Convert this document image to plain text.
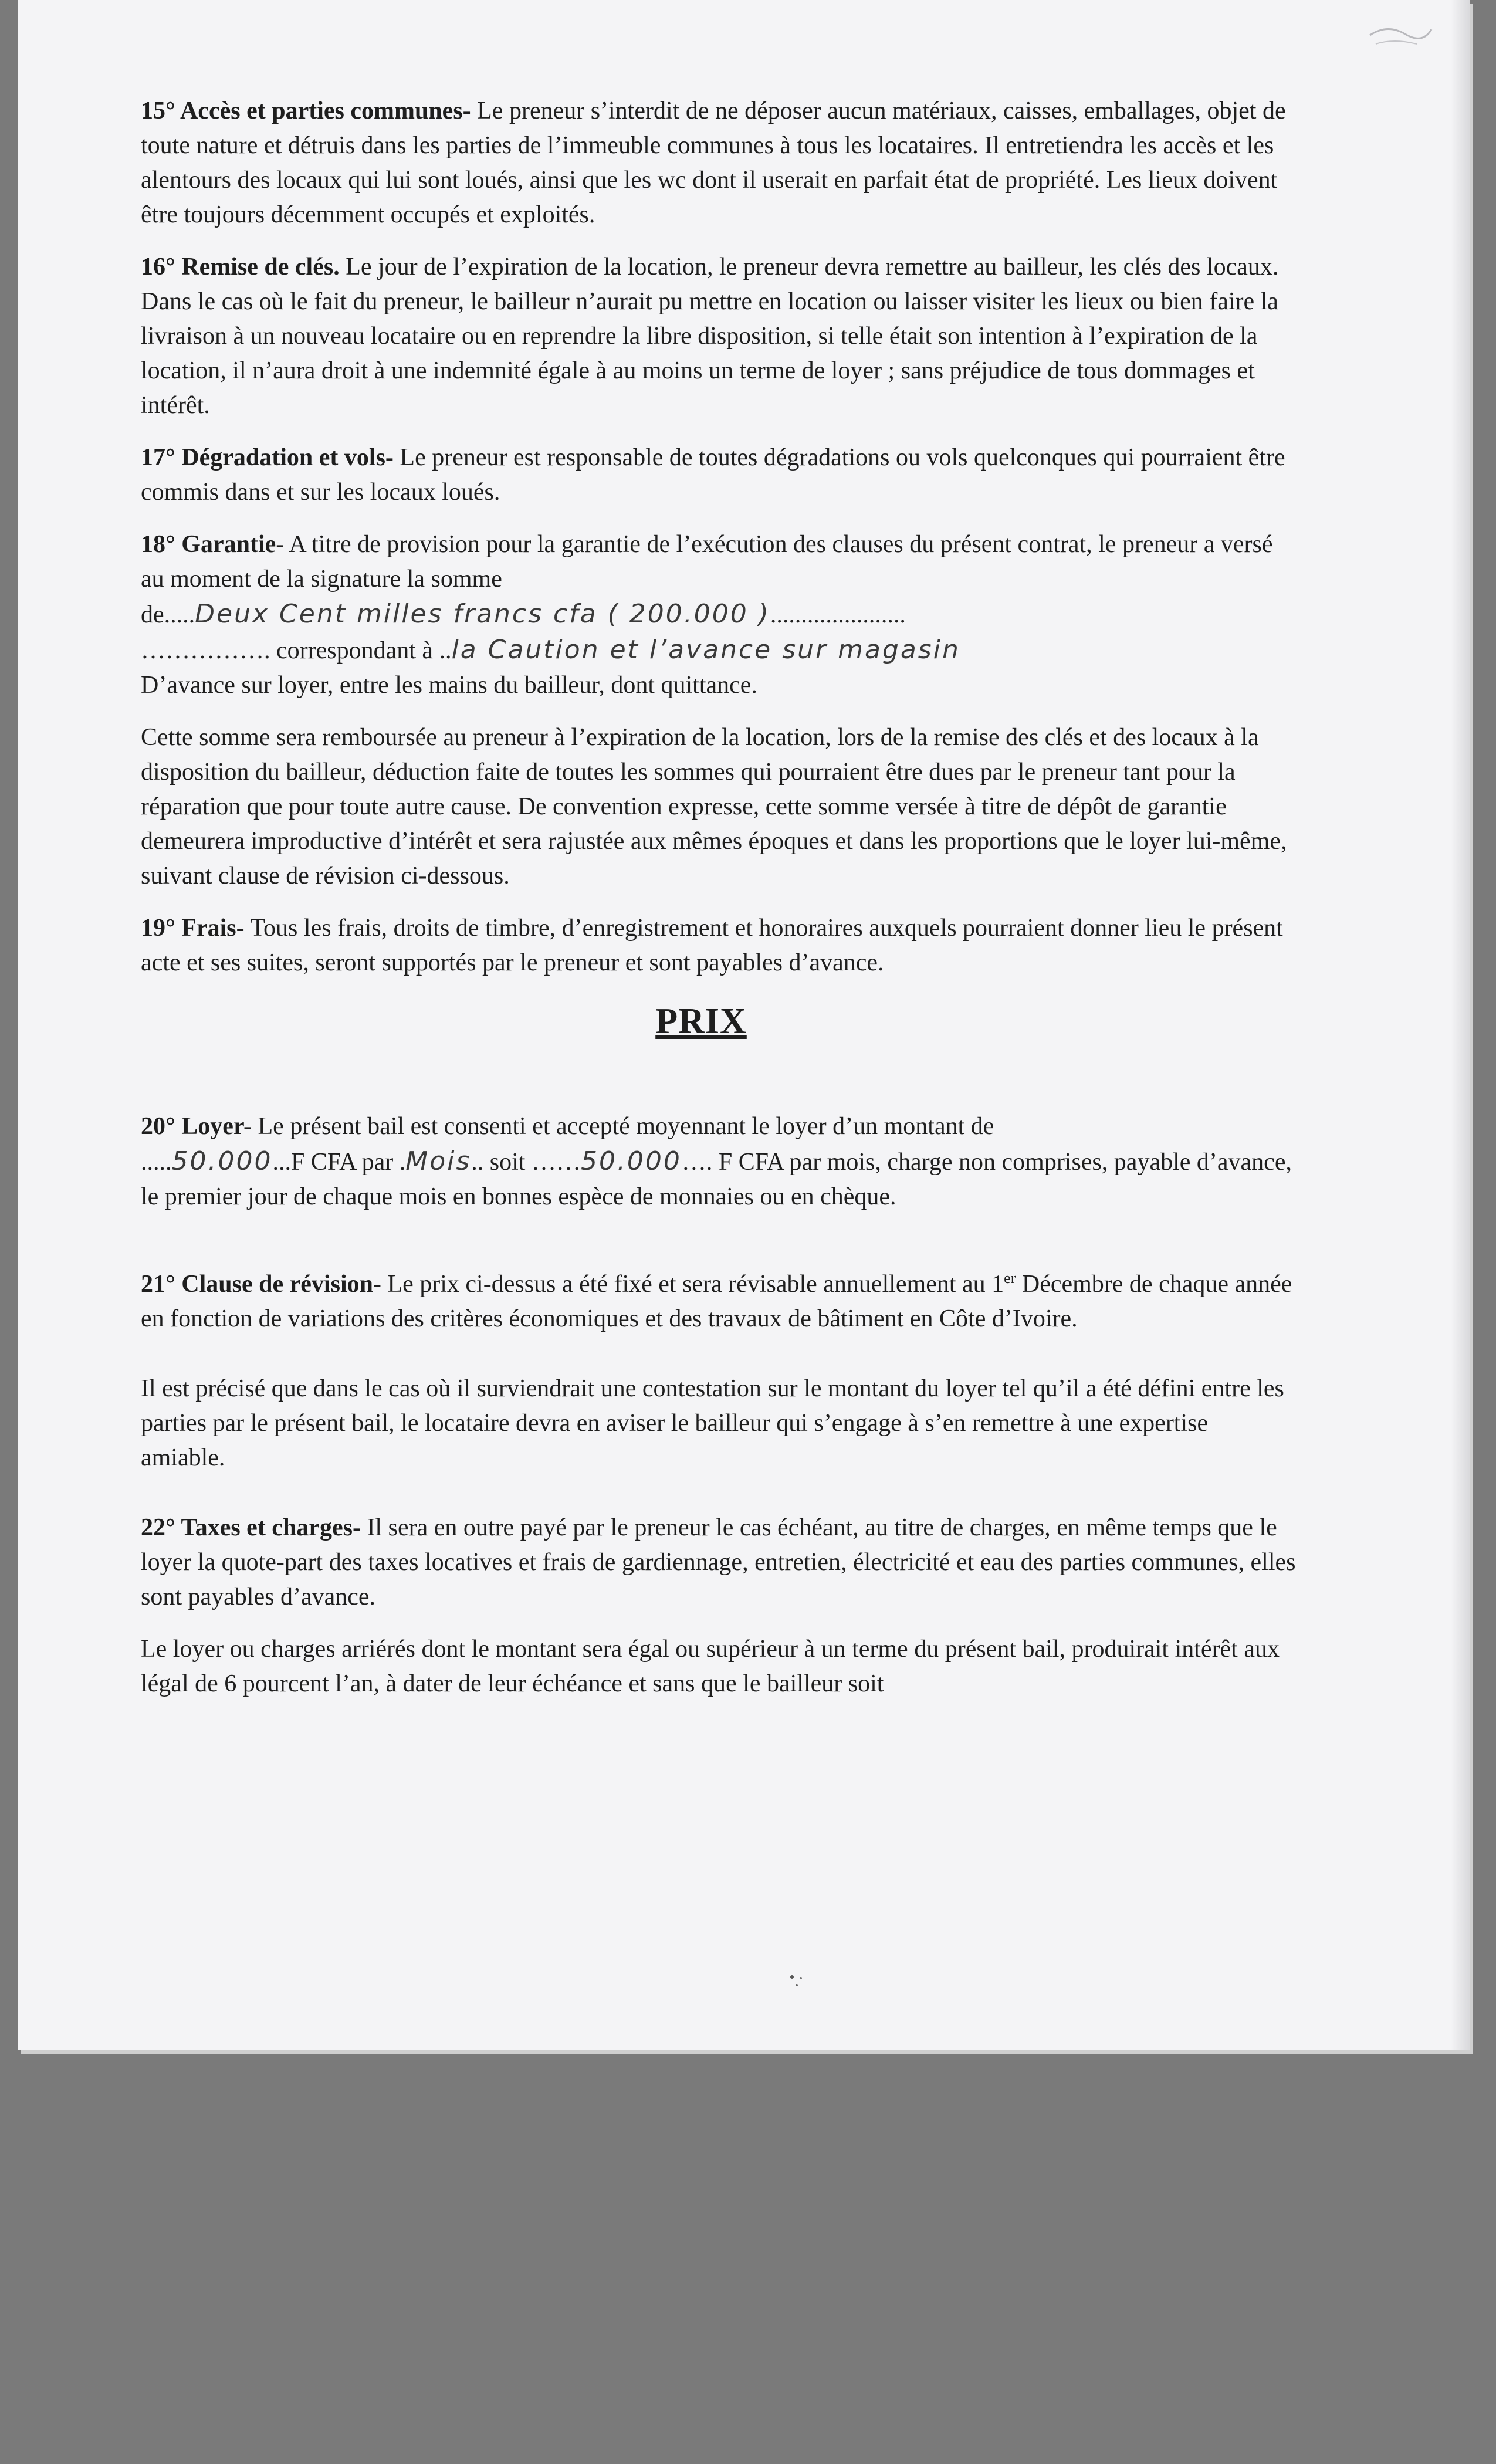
15° Accès et parties communes- Le preneur s’interdit de ne déposer aucun matériaux, caisses, emballages, objet de toute nature et détruis dans les parties de l’immeuble communes à tous les locataires. Il entretiendra les accès et les alentours des locaux qui lui sont loués, ainsi que les wc dont il userait en parfait état de propriété. Les lieux doivent être toujours décemment occupés et exploités.

16° Remise de clés. Le jour de l’expiration de la location, le preneur devra remettre au bailleur, les clés des locaux. Dans le cas où le fait du preneur, le bailleur n’aurait pu mettre en location ou laisser visiter les lieux ou bien faire la livraison à un nouveau locataire ou en reprendre la libre disposition, si telle était son intention à l’expiration de la location, il n’aura droit à une indemnité égale à au moins un terme de loyer ; sans préjudice de tous dommages et intérêt.

17° Dégradation et vols- Le preneur est responsable de toutes dégradations ou vols quelconques qui pourraient être commis dans et sur les locaux loués.

18° Garantie- A titre de provision pour la garantie de l’exécution des clauses du présent contrat, le preneur a versé au moment de la signature la somme
de.....Deux Cent milles francs cfa ( 200.000 )......................
……………. correspondant à ..la Caution et l’avance sur magasin
D’avance sur loyer, entre les mains du bailleur, dont quittance.

Cette somme sera remboursée au preneur à l’expiration de la location, lors de la remise des clés et des locaux à la disposition du bailleur, déduction faite de toutes les sommes qui pourraient être dues par le preneur tant pour la réparation que pour toute autre cause. De convention expresse, cette somme versée à titre de dépôt de garantie demeurera improductive d’intérêt et sera rajustée aux mêmes époques et dans les proportions que le loyer lui-même, suivant clause de révision ci-dessous.

19° Frais- Tous les frais, droits de timbre, d’enregistrement et honoraires auxquels pourraient donner lieu le présent acte et ses suites, seront supportés par le preneur et sont payables d’avance.

PRIX
20° Loyer- Le présent bail est consenti et accepté moyennant le loyer d’un montant de
.....50.000...F CFA par .Mois.. soit ……50.000…. F CFA par mois, charge non comprises, payable d’avance, le premier jour de chaque mois en bonnes espèce de monnaies ou en chèque.

21° Clause de révision- Le prix ci-dessus a été fixé et sera révisable annuellement au 1er Décembre de chaque année en fonction de variations des critères économiques et des travaux de bâtiment en Côte d’Ivoire.

Il est précisé que dans le cas où il surviendrait une contestation sur le montant du loyer tel qu’il a été défini entre les parties par le présent bail, le locataire devra en aviser le bailleur qui s’engage à s’en remettre à une expertise amiable.

22° Taxes et charges- Il sera en outre payé par le preneur le cas échéant, au titre de charges, en même temps que le loyer la quote-part des taxes locatives et frais de gardiennage, entretien, électricité et eau des parties communes, elles sont payables d’avance.

Le loyer ou charges arriérés dont le montant sera égal ou supérieur à un terme du présent bail, produirait intérêt aux légal de 6 pourcent l’an, à dater de leur échéance et sans que le bailleur soit
